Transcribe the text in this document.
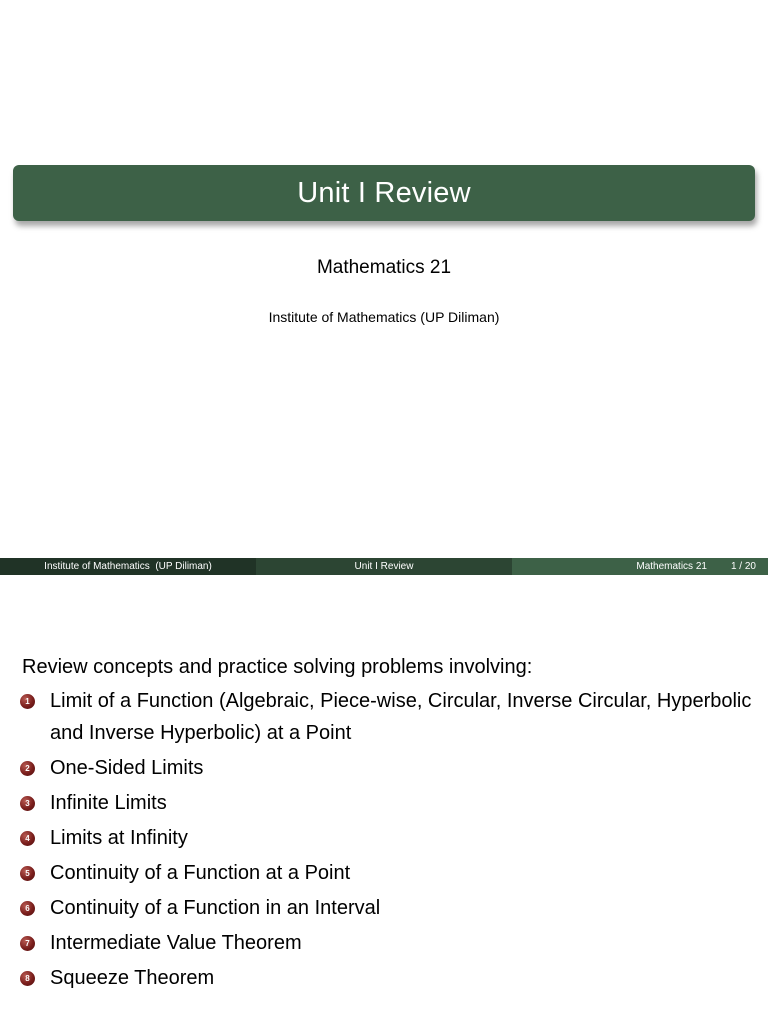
Unit I Review
Mathematics 21
Institute of Mathematics (UP Diliman)
Institute of Mathematics  (UP Diliman)	Unit I Review	Mathematics 21 1 / 20
Review concepts and practice solving problems involving:
1 Limit of a Function (Algebraic, Piece-wise, Circular, Inverse Circular, Hyperbolic and Inverse Hyperbolic) at a Point
2 One-Sided Limits
3 Infinite Limits
4 Limits at Infinity
5 Continuity of a Function at a Point
6 Continuity of a Function in an Interval
7 Intermediate Value Theorem
8 Squeeze Theorem
